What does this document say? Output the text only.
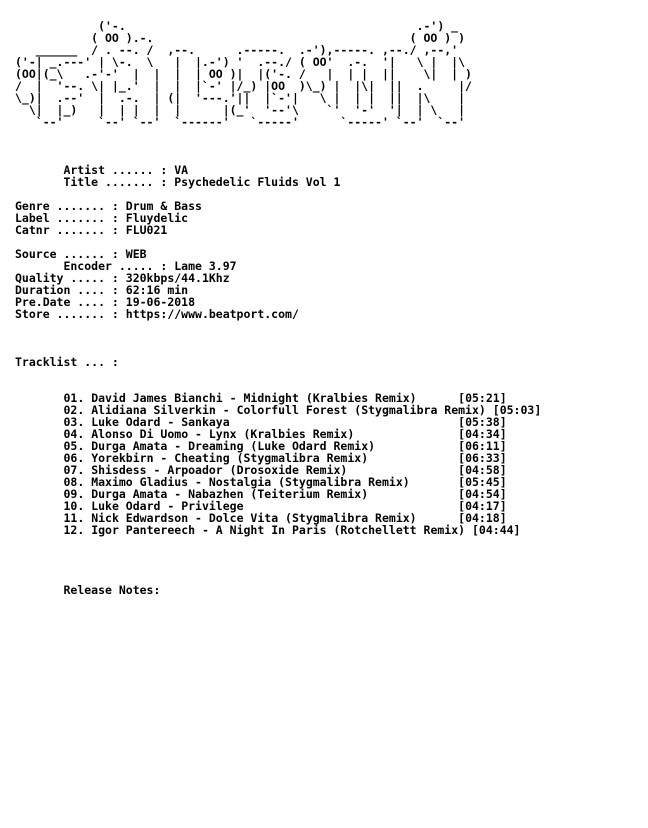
('-.                                          .-') _
( OO ).-.                                     ( OO ) )
______  / . --. /  ,--.      .-----.  .-'),-----. ,--./ ,--,'
('-| _.---' | \-.  \   |  |.-') '  .--./ ( OO'  .-.  '|   \ |  |\
(OO|(_\   .-'-'  |  |  |  | OO )|  |('-. /   |  | |  ||    \|  | )
/  |  '--. \| |_.'  |  |  |`-' |/_) |OO  )\_) |  |\|  ||  .     |/
\_)|  .--'  |  .-.  | (|  '---.'||  |`-'|   \ |  | |  ||  |\    |
\|  |_)   |  | |  |  |      |(_'  '--'\    `'  '-'  '|  | \   |
`--'     `--' `--'  `------'   `-----'      `-----' `--'  `--'

Artist ...... : VA
Title ....... : Psychedelic Fluids Vol 1

Genre ....... : Drum & Bass
Label ....... : Fluydelic
Catnr ....... : FLU021

Source ...... : WEB
Encoder ..... : Lame 3.97
Quality ..... : 320kbps/44.1Khz
Duration .... : 62:16 min
Pre.Date .... : 19-06-2018
Store ....... : https://www.beatport.com/

Tracklist ... :

01. David James Bianchi - Midnight (Kralbies Remix)	[05:21]
02. Alidiana Silverkin - Colorfull Forest (Stygmalibra Remix) [05:03]
03. Luke Odard - Sankaya	[05:38]
04. Alonso Di Uomo - Lynx (Kralbies Remix)	[04:34]
05. Durga Amata - Dreaming (Luke Odard Remix)	[06:11]
06. Yorekbirn - Cheating (Stygmalibra Remix)	[06:33]
07. Shisdess - Arpoador (Drosoxide Remix)	[04:58]
08. Maximo Gladius - Nostalgia (Stygmalibra Remix)	[05:45]
09. Durga Amata - Nabazhen (Teiterium Remix)	[04:54]
10. Luke Odard - Privilege	[04:17]
11. Nick Edwardson - Dolce Vita (Stygmalibra Remix)	[04:18]
12. Igor Pantereech - A Night In Paris (Rotchellett Remix) [04:44]

Release Notes:
